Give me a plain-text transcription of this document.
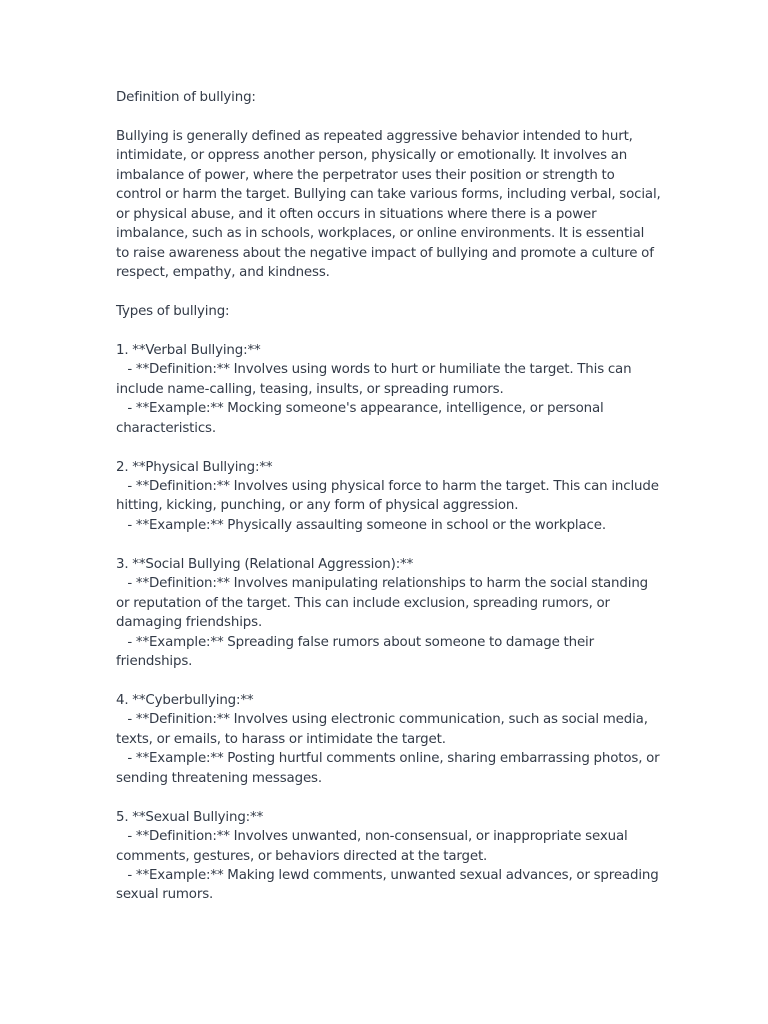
Definition of bullying:
Bullying is generally defined as repeated aggressive behavior intended to hurt, intimidate, or oppress another person, physically or emotionally. It involves an imbalance of power, where the perpetrator uses their position or strength to control or harm the target. Bullying can take various forms, including verbal, social, or physical abuse, and it often occurs in situations where there is a power imbalance, such as in schools, workplaces, or online environments. It is essential to raise awareness about the negative impact of bullying and promote a culture of respect, empathy, and kindness.
Types of bullying:
1. **Verbal Bullying:**
- **Definition:** Involves using words to hurt or humiliate the target. This can include name-calling, teasing, insults, or spreading rumors.
- **Example:** Mocking someone's appearance, intelligence, or personal characteristics.
2. **Physical Bullying:**
- **Definition:** Involves using physical force to harm the target. This can include hitting, kicking, punching, or any form of physical aggression.
- **Example:** Physically assaulting someone in school or the workplace.
3. **Social Bullying (Relational Aggression):**
- **Definition:** Involves manipulating relationships to harm the social standing or reputation of the target. This can include exclusion, spreading rumors, or damaging friendships.
- **Example:** Spreading false rumors about someone to damage their friendships.
4. **Cyberbullying:**
- **Definition:** Involves using electronic communication, such as social media, texts, or emails, to harass or intimidate the target.
- **Example:** Posting hurtful comments online, sharing embarrassing photos, or sending threatening messages.
5. **Sexual Bullying:**
- **Definition:** Involves unwanted, non-consensual, or inappropriate sexual comments, gestures, or behaviors directed at the target.
- **Example:** Making lewd comments, unwanted sexual advances, or spreading sexual rumors.
